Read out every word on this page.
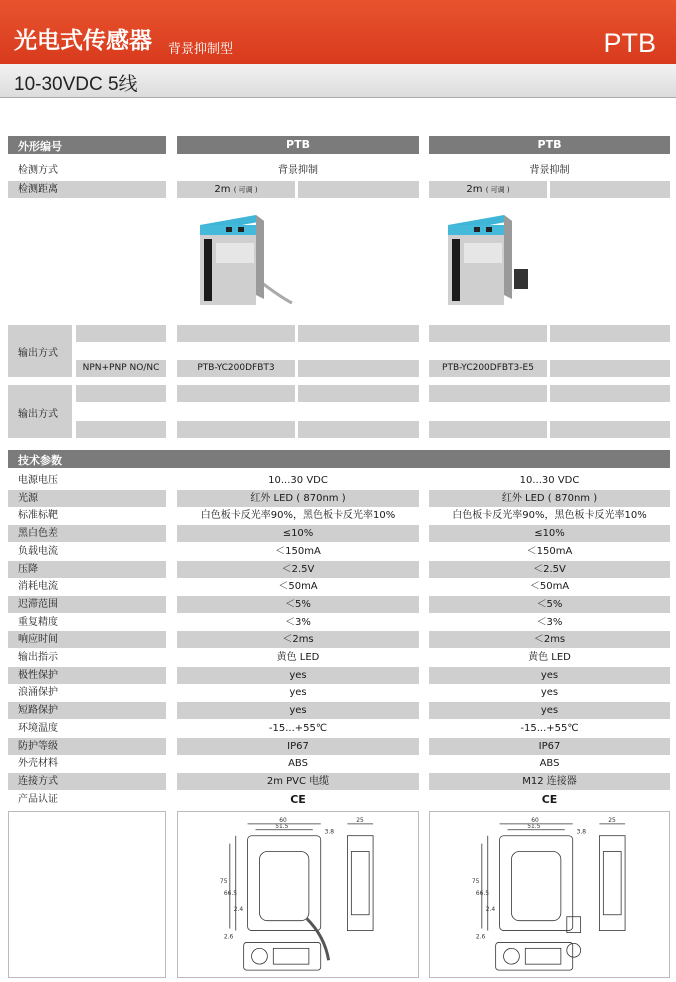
光电式传感器 背景抑制型	PTB
10-30VDC 5线
外形编号	PTB	PTB
检测方式	背景抑制	背景抑制
检测距离	2m ( 可调 )	2m ( 可调 )
输出方式
NPN+PNP NO/NC	PTB-YC200DFBT3	PTB-YC200DFBT3-E5
输出方式
技术参数
电源电压	10...30 VDC	10...30 VDC
光源	红外 LED ( 870nm )	红外 LED ( 870nm )
标准标靶	白色板卡反光率90%，黑色板卡反光率10%	白色板卡反光率90%，黑色板卡反光率10%
黑白色差	≤10%	≤10%
负载电流	＜150mA	＜150mA
压降	＜2.5V	＜2.5V
消耗电流	＜50mA	＜50mA
迟滞范围	＜5%	＜5%
重复精度	＜3%	＜3%
响应时间	＜2ms	＜2ms
输出指示	黄色 LED	黄色 LED
极性保护	yes	yes
浪涌保护	yes	yes
短路保护	yes	yes
环境温度	-15...+55℃	-15...+55℃
防护等级	IP67	IP67
外壳材料	ABS	ABS
连接方式	2m PVC 电缆	M12 连接器
产品认证	CE	CE
60
51.5
25
75
66.5
3.8
2.4
2.6
60
51.5
25
75
66.5
3.8
2.4
2.6
